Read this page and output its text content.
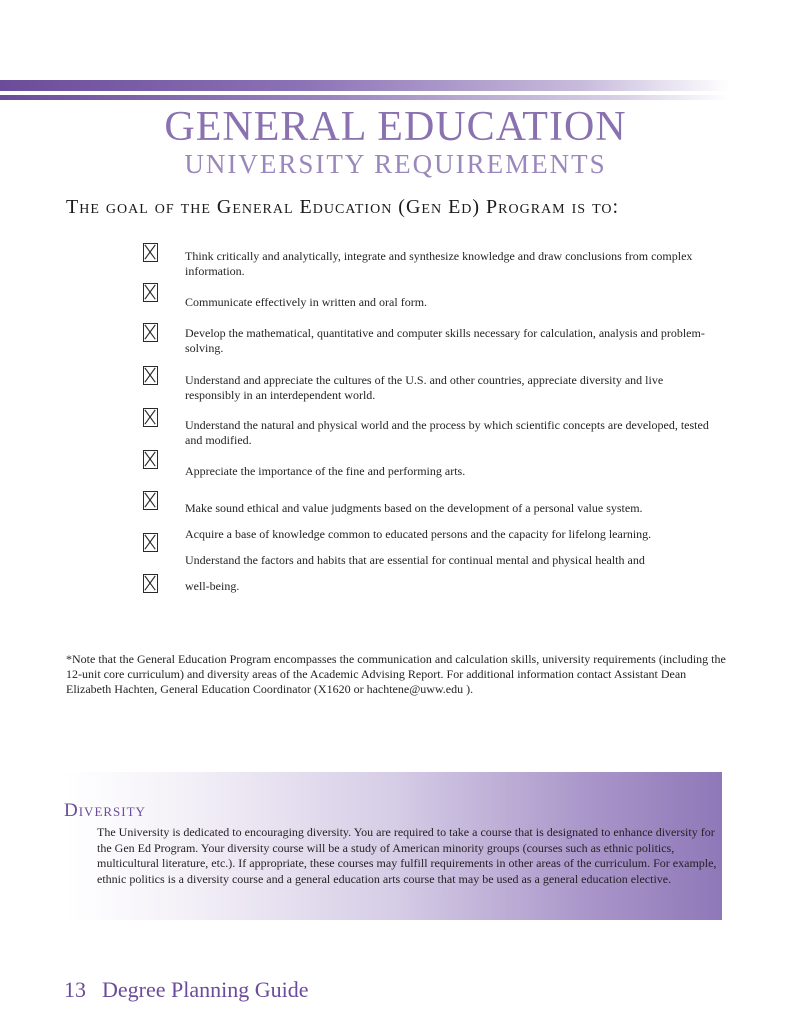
GENERAL EDUCATION
UNIVERSITY REQUIREMENTS
The goal of the General Education (Gen Ed) Program is to:
Think critically and analytically, integrate and synthesize knowledge and draw conclusions from complex information.
Communicate effectively in written and oral form.
Develop the mathematical, quantitative and computer skills necessary for calculation, analysis and problem-solving.
Understand and appreciate the cultures of the U.S. and other countries, appreciate diversity and live responsibly in an interdependent world.
Understand the natural and physical world and the process by which scientific concepts are developed, tested and modified.
Appreciate the importance of the fine and performing arts.
Make sound ethical and value judgments based on the development of a personal value system.
Acquire a base of knowledge common to educated persons and the capacity for lifelong learning.
Understand the factors and habits that are essential for continual mental and physical health and
well-being.
*Note that the General Education Program encompasses the communication and calculation skills, university requirements (including the 12-unit core curriculum) and diversity areas of the Academic Advising Report. For additional information contact Assistant Dean Elizabeth Hachten, General Education Coordinator (X1620 or hachtene@uww.edu ).
Diversity
The University is dedicated to encouraging diversity. You are required to take a course that is designated to enhance diversity for the Gen Ed Program. Your diversity course will be a study of American minority groups (courses such as ethnic politics, multicultural literature, etc.). If appropriate, these courses may fulfill requirements in other areas of the curriculum. For example, ethnic politics is a diversity course and a general education arts course that may be used as a general education elective.
13 Degree Planning Guide
